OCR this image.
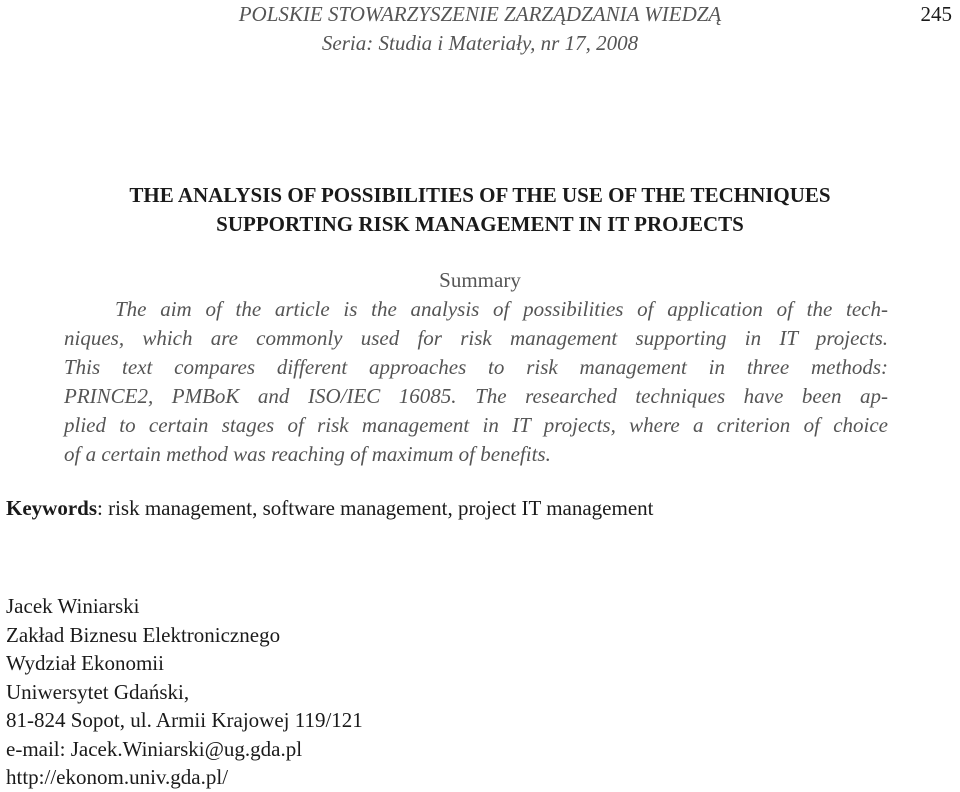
POLSKIE STOWARZYSZENIE ZARZĄDZANIA WIEDZĄ
Seria: Studia i Materiały, nr 17, 2008
245
THE ANALYSIS OF POSSIBILITIES OF THE USE OF THE TECHNIQUES
SUPPORTING RISK MANAGEMENT IN IT PROJECTS
Summary
The aim of the article is the analysis of possibilities of application of the tech-
niques, which are commonly used for risk management supporting in IT projects.
This text compares different approaches to risk management in three methods:
PRINCE2, PMBoK and ISO/IEC 16085. The researched techniques have been ap-
plied to certain stages of risk management in IT projects, where a criterion of choice
of a certain method was reaching of maximum of benefits.
Keywords: risk management, software management, project IT management
Jacek Winiarski
Zakład Biznesu Elektronicznego
Wydział Ekonomii
Uniwersytet Gdański,
81-824 Sopot, ul. Armii Krajowej 119/121
e-mail: Jacek.Winiarski@ug.gda.pl
http://ekonom.univ.gda.pl/
